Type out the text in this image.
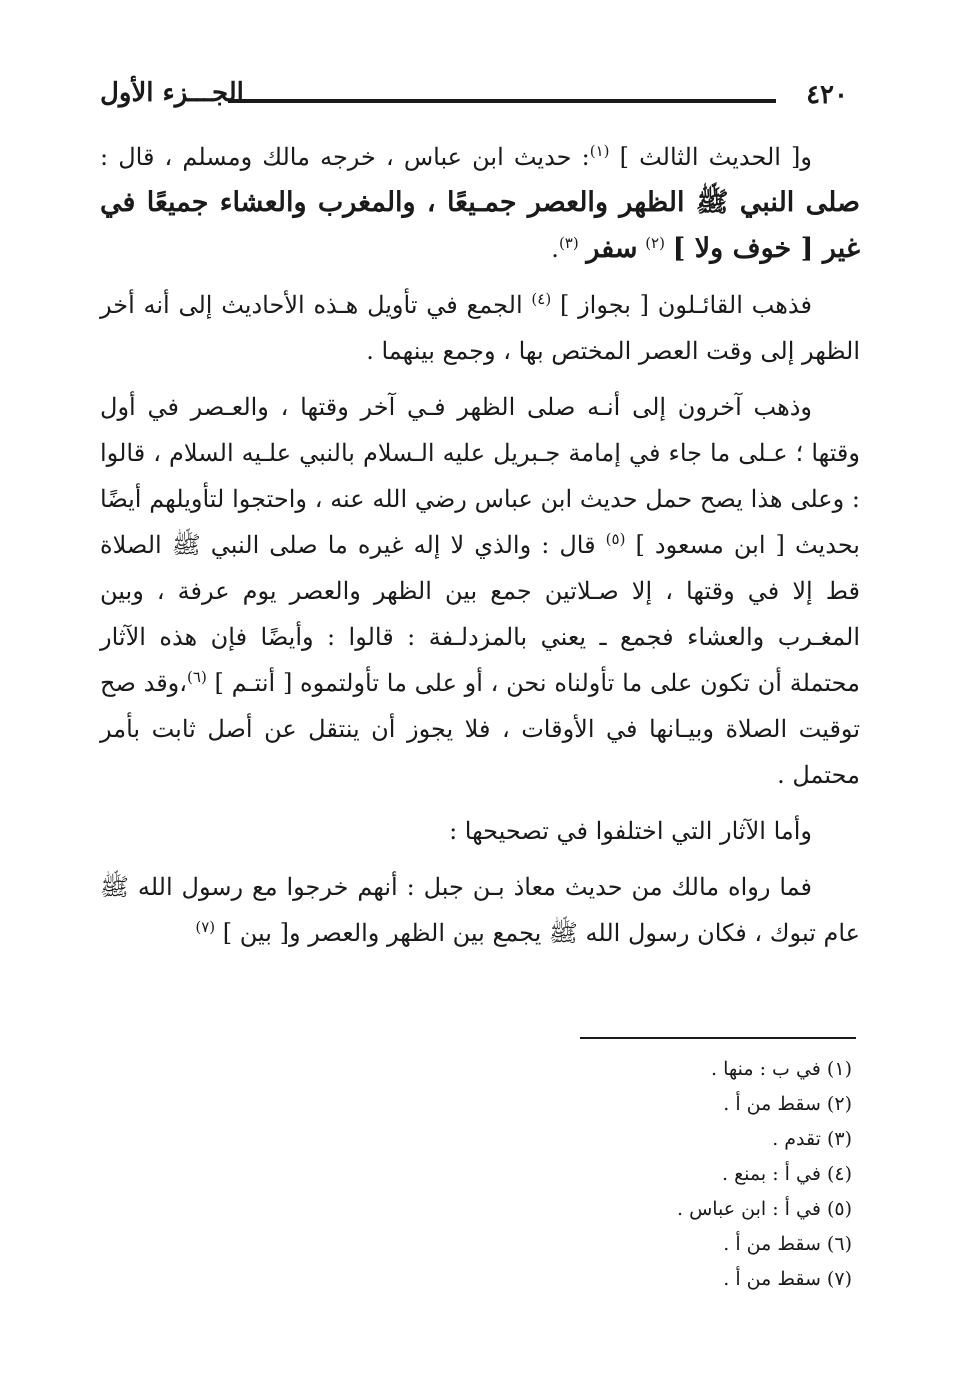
٤٢٠
الجـــزء الأول

و[ الحديث الثالث ] $^{(١)}$: حديث ابن عباس ، خرجه مالك ومسلم ، قال : صلى النبي ﷺ الظهر والعصر جمـيعًا ، والمغرب والعشاء جميعًا في غير [ خوف ولا ] $^{(٢)}$ سفر $^{(٣)}$.

فذهب القائـلون [ بجواز ] $^{(٤)}$ الجمع في تأويل هـذه الأحاديث إلى أنه أخر الظهر إلى وقت العصر المختص بها ، وجمع بينهما .

وذهب آخرون إلى أنـه صلى الظهر فـي آخر وقتها ، والعـصر في أول وقتها ؛ عـلى ما جاء في إمامة جـبريل عليه الـسلام بالنبي علـيه السلام ، قالوا : وعلى هذا يصح حمل حديث ابن عباس رضي الله عنه ، واحتجوا لتأويلهم أيضًا بحديث [ ابن مسعود ] $^{(٥)}$ قال : والذي لا إله غيره ما صلى النبي ﷺ الصلاة قط إلا في وقتها ، إلا صـلاتين جمع بين الظهر والعصر يوم عرفة ، وبين المغـرب والعشاء فجمع ـ يعني بالمزدلـفة : قالوا : وأيضًا فإن هذه الآثار محتملة أن تكون على ما تأولناه نحن ، أو على ما تأولتموه [ أنتـم ] $^{(٦)}$،وقد صح توقيت الصلاة وبيـانها في الأوقات ، فلا يجوز أن ينتقل عن أصل ثابت بأمر محتمل .

وأما الآثار التي اختلفوا في تصحيحها :

فما رواه مالك من حديث معاذ بـن جبل : أنهم خرجوا مع رسول الله ﷺ عام تبوك ، فكان رسول الله ﷺ يجمع بين الظهر والعصر و[ بين ] $^{(٧)}$

(١) في ب : منها .
(٢) سقط من أ .
(٣) تقدم .
(٤) في أ : بمنع .
(٥) في أ : ابن عباس .
(٦) سقط من أ .
(٧) سقط من أ .
